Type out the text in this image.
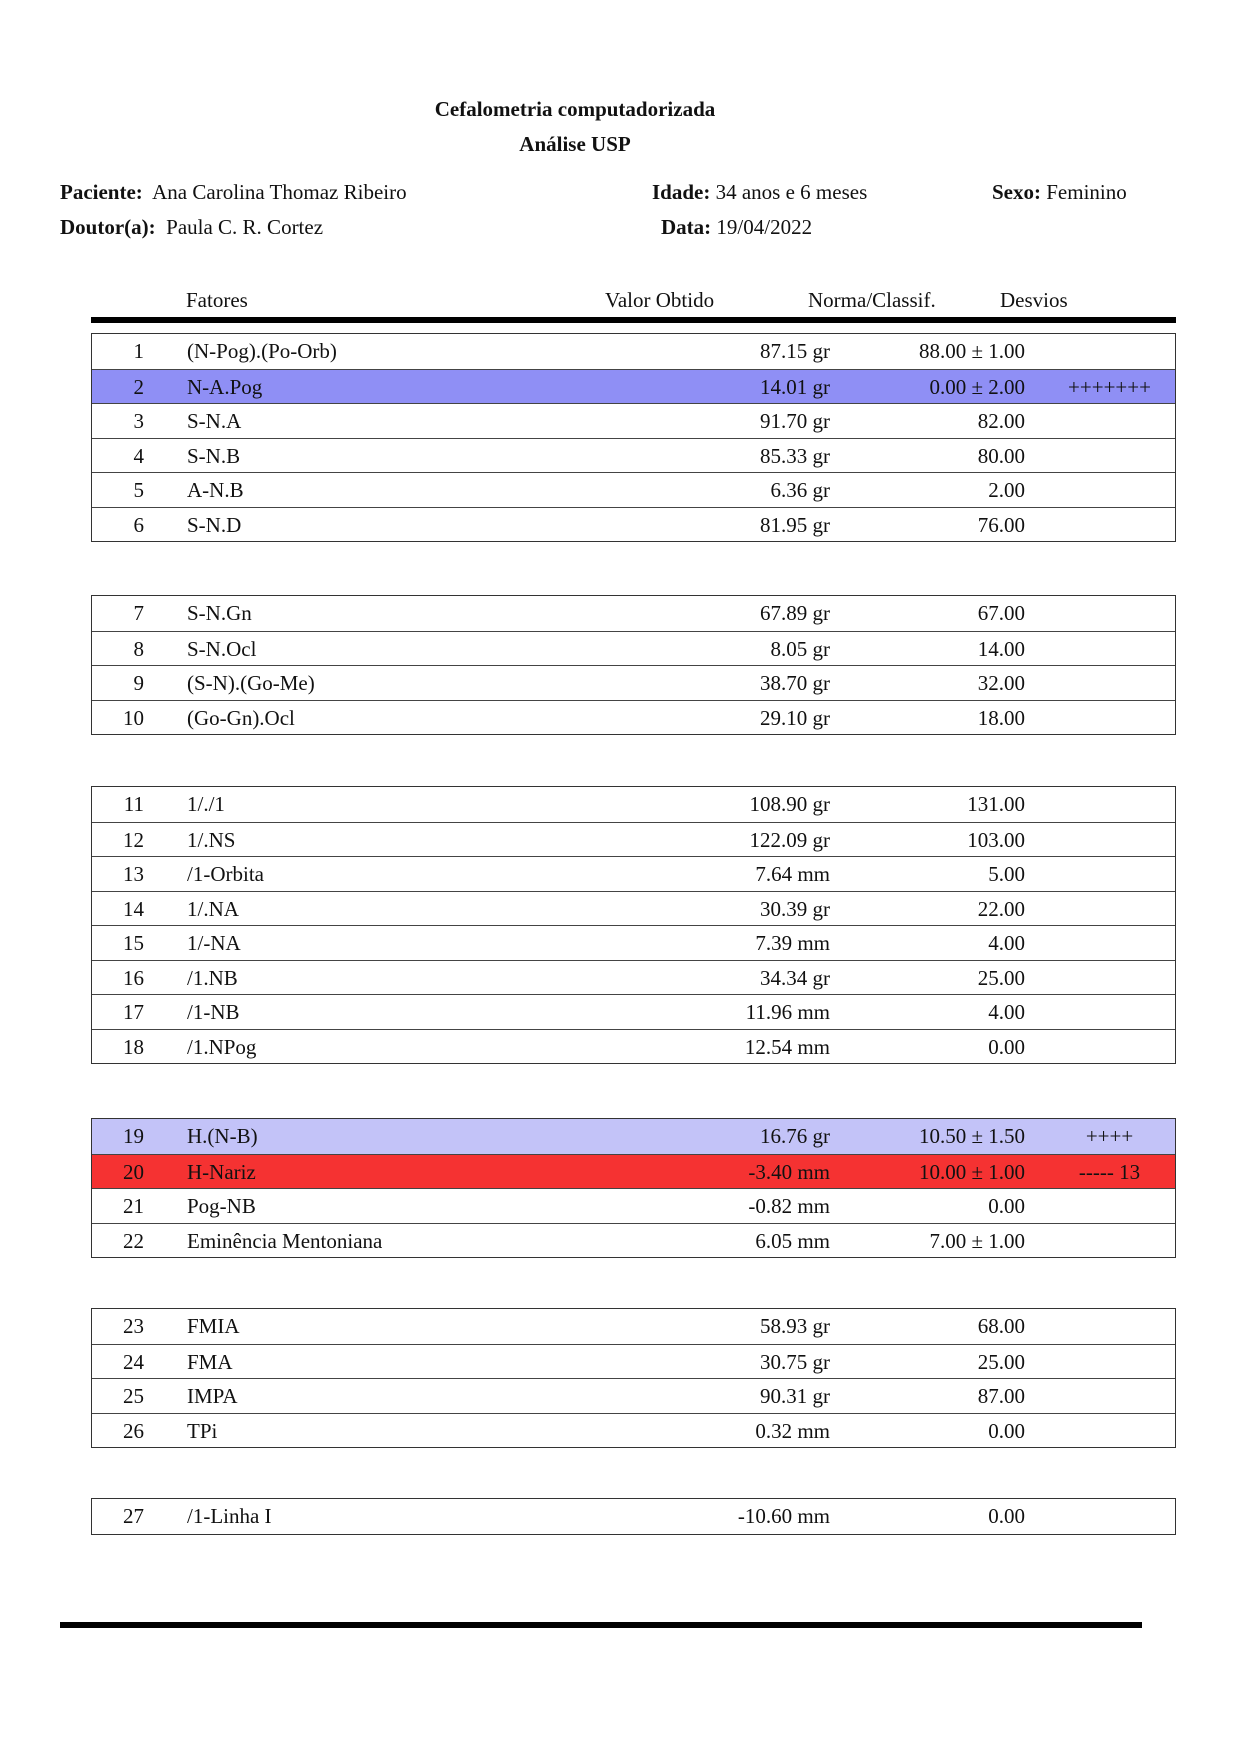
Cefalometria computadorizada
Análise USP
Paciente: Ana Carolina Thomaz Ribeiro	Idade: 34 anos e 6 meses	Sexo: Feminino
Doutor(a): Paula C. R. Cortez	Data: 19/04/2022
Fatores	Valor Obtido	Norma/Classif.	Desvios
1 (N-Pog).(Po-Orb)	87.15 gr	88.00 ± 1.00
2 N-A.Pog	14.01 gr	0.00 ± 2.00	+++++++
3 S-N.A	91.70 gr	82.00
4 S-N.B	85.33 gr	80.00
5 A-N.B	6.36 gr	2.00
6 S-N.D	81.95 gr	76.00
7 S-N.Gn	67.89 gr	67.00
8 S-N.Ocl	8.05 gr	14.00
9 (S-N).(Go-Me)	38.70 gr	32.00
10 (Go-Gn).Ocl	29.10 gr	18.00
11 1/./1	108.90 gr	131.00
12 1/.NS	122.09 gr	103.00
13 /1-Orbita	7.64 mm	5.00
14 1/.NA	30.39 gr	22.00
15 1/-NA	7.39 mm	4.00
16 /1.NB	34.34 gr	25.00
17 /1-NB	11.96 mm	4.00
18 /1.NPog	12.54 mm	0.00
19 H.(N-B)	16.76 gr	10.50 ± 1.50	++++
20 H-Nariz	-3.40 mm	10.00 ± 1.00	----- 13
21 Pog-NB	-0.82 mm	0.00
22 Eminência Mentoniana	6.05 mm	7.00 ± 1.00
23 FMIA	58.93 gr	68.00
24 FMA	30.75 gr	25.00
25 IMPA	90.31 gr	87.00
26 TPi	0.32 mm	0.00
27 /1-Linha I	-10.60 mm	0.00
